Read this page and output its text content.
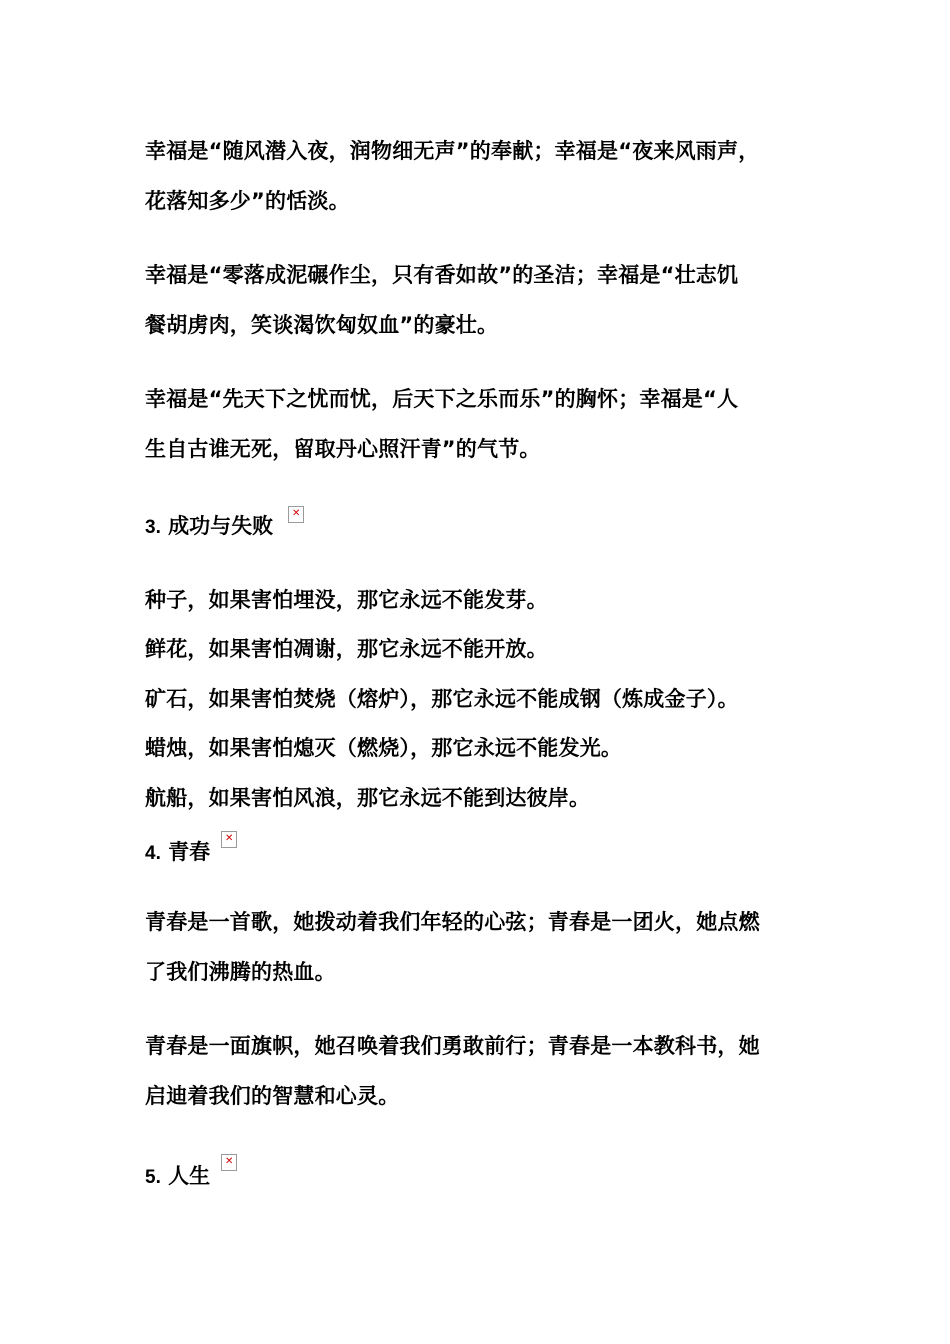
幸福是“随风潜入夜，润物细无声”的奉献；幸福是“夜来风雨声，
花落知多少”的恬淡。
幸福是“零落成泥碾作尘，只有香如故”的圣洁；幸福是“壮志饥
餐胡虏肉，笑谈渴饮匈奴血”的豪壮。
幸福是“先天下之忧而忧，后天下之乐而乐”的胸怀；幸福是“人
生自古谁无死，留取丹心照汗青”的气节。
3. 成功与失败
✕
种子，如果害怕埋没，那它永远不能发芽。
鲜花，如果害怕凋谢，那它永远不能开放。
矿石，如果害怕焚烧（熔炉），那它永远不能成钢（炼成金子）。
蜡烛，如果害怕熄灭（燃烧），那它永远不能发光。
航船，如果害怕风浪，那它永远不能到达彼岸。
4. 青春
✕
青春是一首歌，她拨动着我们年轻的心弦；青春是一团火，她点燃
了我们沸腾的热血。
青春是一面旗帜，她召唤着我们勇敢前行；青春是一本教科书，她
启迪着我们的智慧和心灵。
5. 人生
✕
